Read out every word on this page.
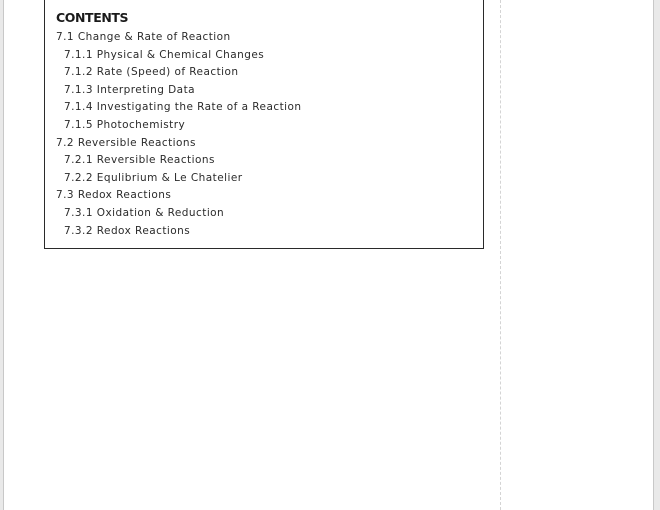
CONTENTS
7.1 Change & Rate of Reaction
7.1.1 Physical & Chemical Changes
7.1.2 Rate (Speed) of Reaction
7.1.3 Interpreting Data
7.1.4 Investigating the Rate of a Reaction
7.1.5 Photochemistry
7.2 Reversible Reactions
7.2.1 Reversible Reactions
7.2.2 Equlibrium & Le Chatelier
7.3 Redox Reactions
7.3.1 Oxidation & Reduction
7.3.2 Redox Reactions
